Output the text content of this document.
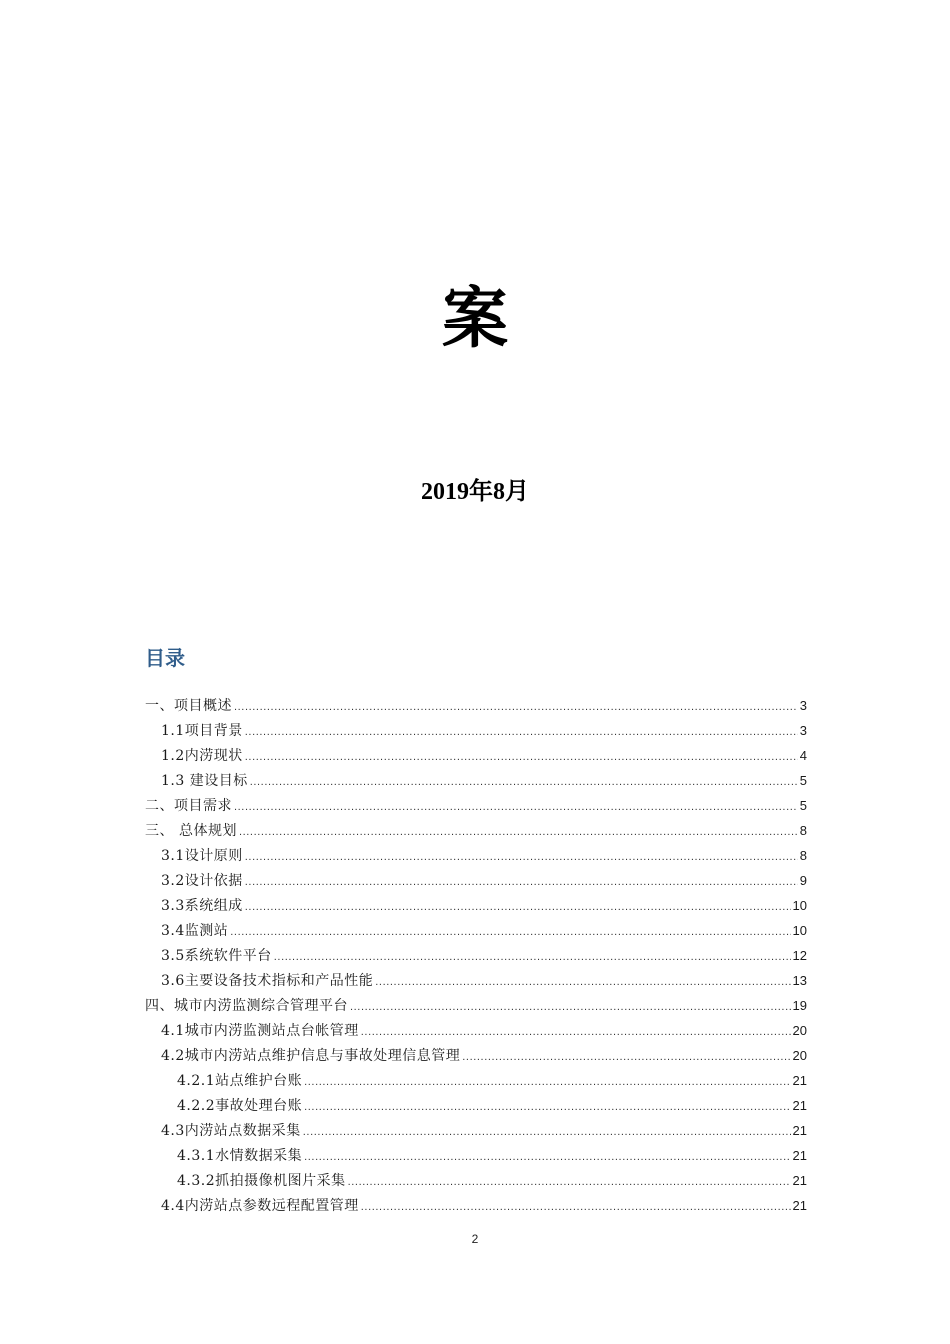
案
2019年8月
目录
一、项目概述 .....	3
1.1项目背景 .....	3
1.2内涝现状 .....	4
1.3 建设目标 .....	5
二、项目需求 .....	5
三、 总体规划 .....	8
3.1设计原则 .....	8
3.2设计依据 .....	9
3.3系统组成 .....	10
3.4监测站 .....	10
3.5系统软件平台 .....	12
3.6主要设备技术指标和产品性能 .....	13
四、城市内涝监测综合管理平台 .....	19
4.1城市内涝监测站点台帐管理 .....	20
4.2城市内涝站点维护信息与事故处理信息管理 .....	20
4.2.1站点维护台账 .....	21
4.2.2事故处理台账 .....	21
4.3内涝站点数据采集 .....	21
4.3.1水情数据采集 .....	21
4.3.2抓拍摄像机图片采集 .....	21
4.4内涝站点参数远程配置管理 .....	21
2
